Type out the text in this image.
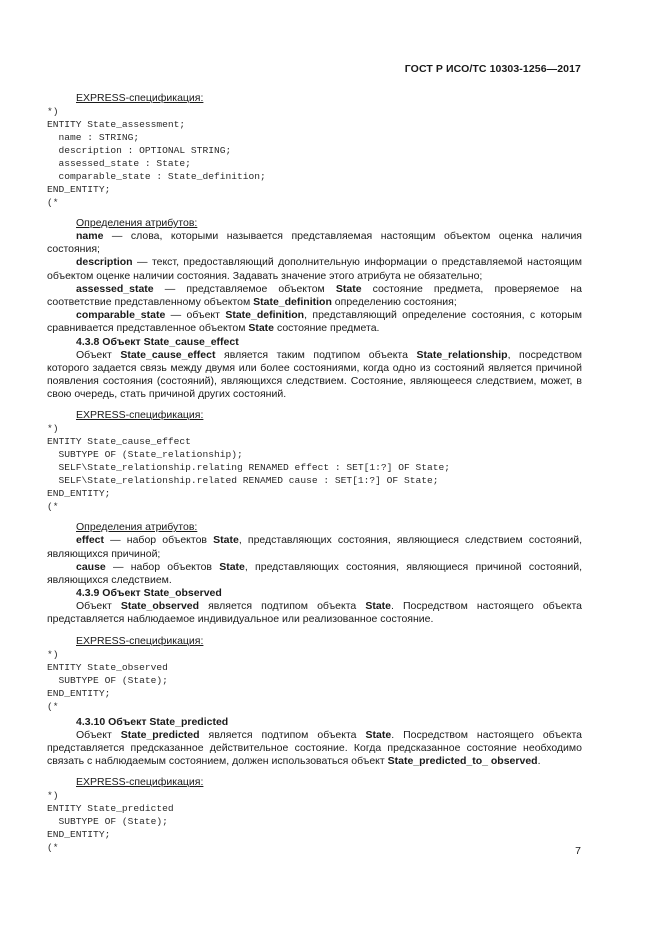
ГОСТ Р ИСО/ТС 10303-1256—2017
EXPRESS-спецификация:
*)
ENTITY State_assessment;
name : STRING;
description : OPTIONAL STRING;
assessed_state : State;
comparable_state : State_definition;
END_ENTITY;
(*
Определения атрибутов:
name — слова, которыми называется представляемая настоящим объектом оценка наличия состояния;
description — текст, предоставляющий дополнительную информации о представляемой настоящим объектом оценке наличии состояния. Задавать значение этого атрибута не обязательно;
assessed_state — представляемое объектом State состояние предмета, проверяемое на соответствие представленному объектом State_definition определению состояния;
comparable_state — объект State_definition, представляющий определение состояния, с которым сравнивается представленное объектом State состояние предмета.
4.3.8 Объект State_cause_effect
Объект State_cause_effect является таким подтипом объекта State_relationship, посредством которого задается связь между двумя или более состояниями, когда одно из состояний является причиной появления состояния (состояний), являющихся следствием. Состояние, являющееся следствием, может, в свою очередь, стать причиной других состояний.
EXPRESS-спецификация:
*)
ENTITY State_cause_effect
SUBTYPE OF (State_relationship);
SELF\State_relationship.relating RENAMED effect : SET[1:?] OF State;
SELF\State_relationship.related RENAMED cause : SET[1:?] OF State;
END_ENTITY;
(*
Определения атрибутов:
effect — набор объектов State, представляющих состояния, являющиеся следствием состояний, являющихся причиной;
cause — набор объектов State, представляющих состояния, являющиеся причиной состояний, являющихся следствием.
4.3.9 Объект State_observed
Объект State_observed является подтипом объекта State. Посредством настоящего объекта представляется наблюдаемое индивидуальное или реализованное состояние.
EXPRESS-спецификация:
*)
ENTITY State_observed
SUBTYPE OF (State);
END_ENTITY;
(*
4.3.10 Объект State_predicted
Объект State_predicted является подтипом объекта State. Посредством настоящего объекта представляется предсказанное действительное состояние. Когда предсказанное состояние необходимо связать с наблюдаемым состоянием, должен использоваться объект State_predicted_to_ observed.
EXPRESS-спецификация:
*)
ENTITY State_predicted
SUBTYPE OF (State);
END_ENTITY;
(*	7
